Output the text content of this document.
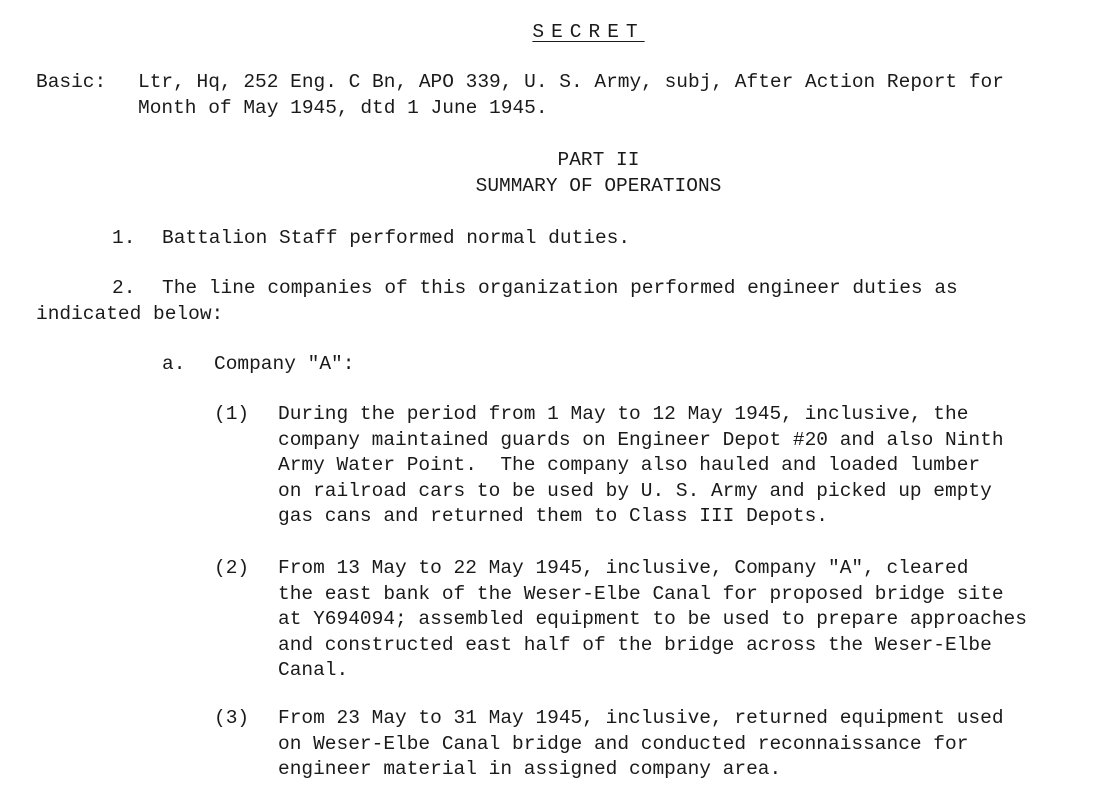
SECRET
Basic: Ltr, Hq, 252 Eng. C Bn, APO 339, U. S. Army, subj, After Action Report for
Month of May 1945, dtd 1 June 1945.
PART II
SUMMARY OF OPERATIONS
1. Battalion Staff performed normal duties.
2. The line companies of this organization performed engineer duties as
indicated below:
a. Company "A":
(1) During the period from 1 May to 12 May 1945, inclusive, the
company maintained guards on Engineer Depot #20 and also Ninth
Army Water Point.  The company also hauled and loaded lumber
on railroad cars to be used by U. S. Army and picked up empty
gas cans and returned them to Class III Depots.
(2) From 13 May to 22 May 1945, inclusive, Company "A", cleared
the east bank of the Weser-Elbe Canal for proposed bridge site
at Y694094; assembled equipment to be used to prepare approaches
and constructed east half of the bridge across the Weser-Elbe
Canal.
(3) From 23 May to 31 May 1945, inclusive, returned equipment used
on Weser-Elbe Canal bridge and conducted reconnaissance for
engineer material in assigned company area.
